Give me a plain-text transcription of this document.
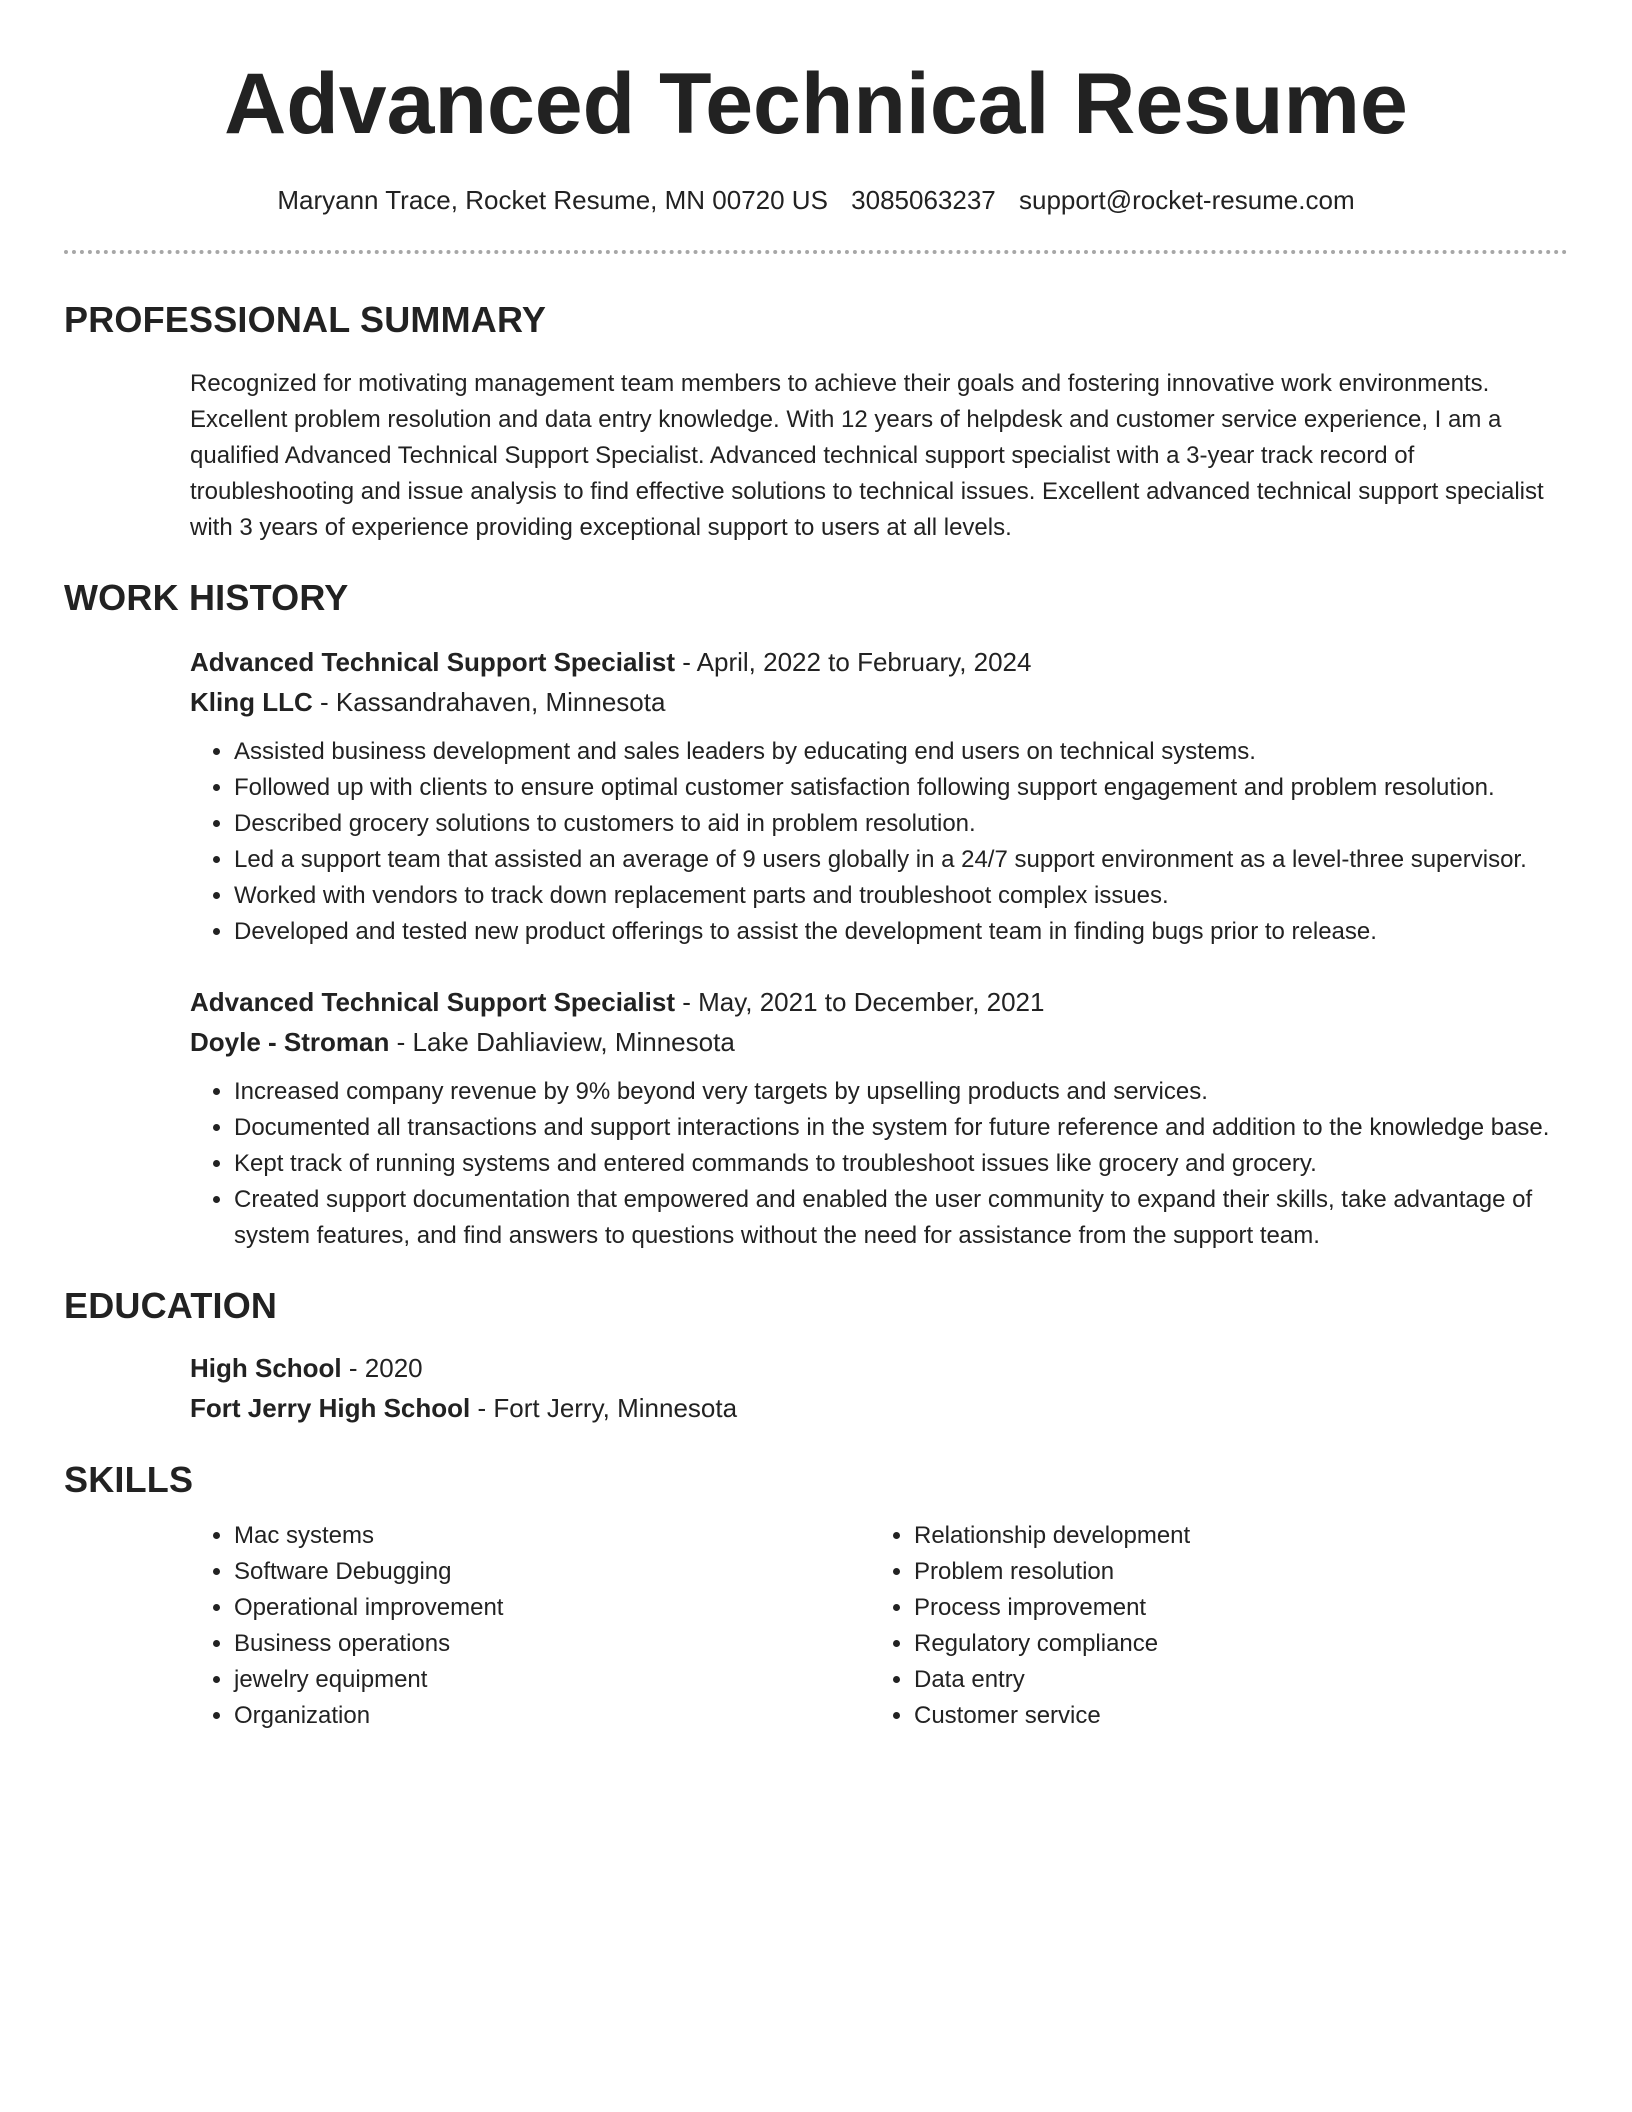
Advanced Technical Resume
Maryann Trace, Rocket Resume, MN 00720 US 3085063237 support@rocket-resume.com
PROFESSIONAL SUMMARY
Recognized for motivating management team members to achieve their goals and fostering innovative work environments. Excellent problem resolution and data entry knowledge. With 12 years of helpdesk and customer service experience, I am a qualified Advanced Technical Support Specialist. Advanced technical support specialist with a 3-year track record of troubleshooting and issue analysis to find effective solutions to technical issues. Excellent advanced technical support specialist with 3 years of experience providing exceptional support to users at all levels.
WORK HISTORY
Advanced Technical Support Specialist - April, 2022 to February, 2024
Kling LLC - Kassandrahaven, Minnesota
• Assisted business development and sales leaders by educating end users on technical systems.
• Followed up with clients to ensure optimal customer satisfaction following support engagement and problem resolution.
• Described grocery solutions to customers to aid in problem resolution.
• Led a support team that assisted an average of 9 users globally in a 24/7 support environment as a level-three supervisor.
• Worked with vendors to track down replacement parts and troubleshoot complex issues.
• Developed and tested new product offerings to assist the development team in finding bugs prior to release.
Advanced Technical Support Specialist - May, 2021 to December, 2021
Doyle - Stroman - Lake Dahliaview, Minnesota
• Increased company revenue by 9% beyond very targets by upselling products and services.
• Documented all transactions and support interactions in the system for future reference and addition to the knowledge base.
• Kept track of running systems and entered commands to troubleshoot issues like grocery and grocery.
• Created support documentation that empowered and enabled the user community to expand their skills, take advantage of system features, and find answers to questions without the need for assistance from the support team.
EDUCATION
High School - 2020
Fort Jerry High School - Fort Jerry, Minnesota
SKILLS
• Mac systems
• Software Debugging
• Operational improvement
• Business operations
• jewelry equipment
• Organization
• Relationship development
• Problem resolution
• Process improvement
• Regulatory compliance
• Data entry
• Customer service
